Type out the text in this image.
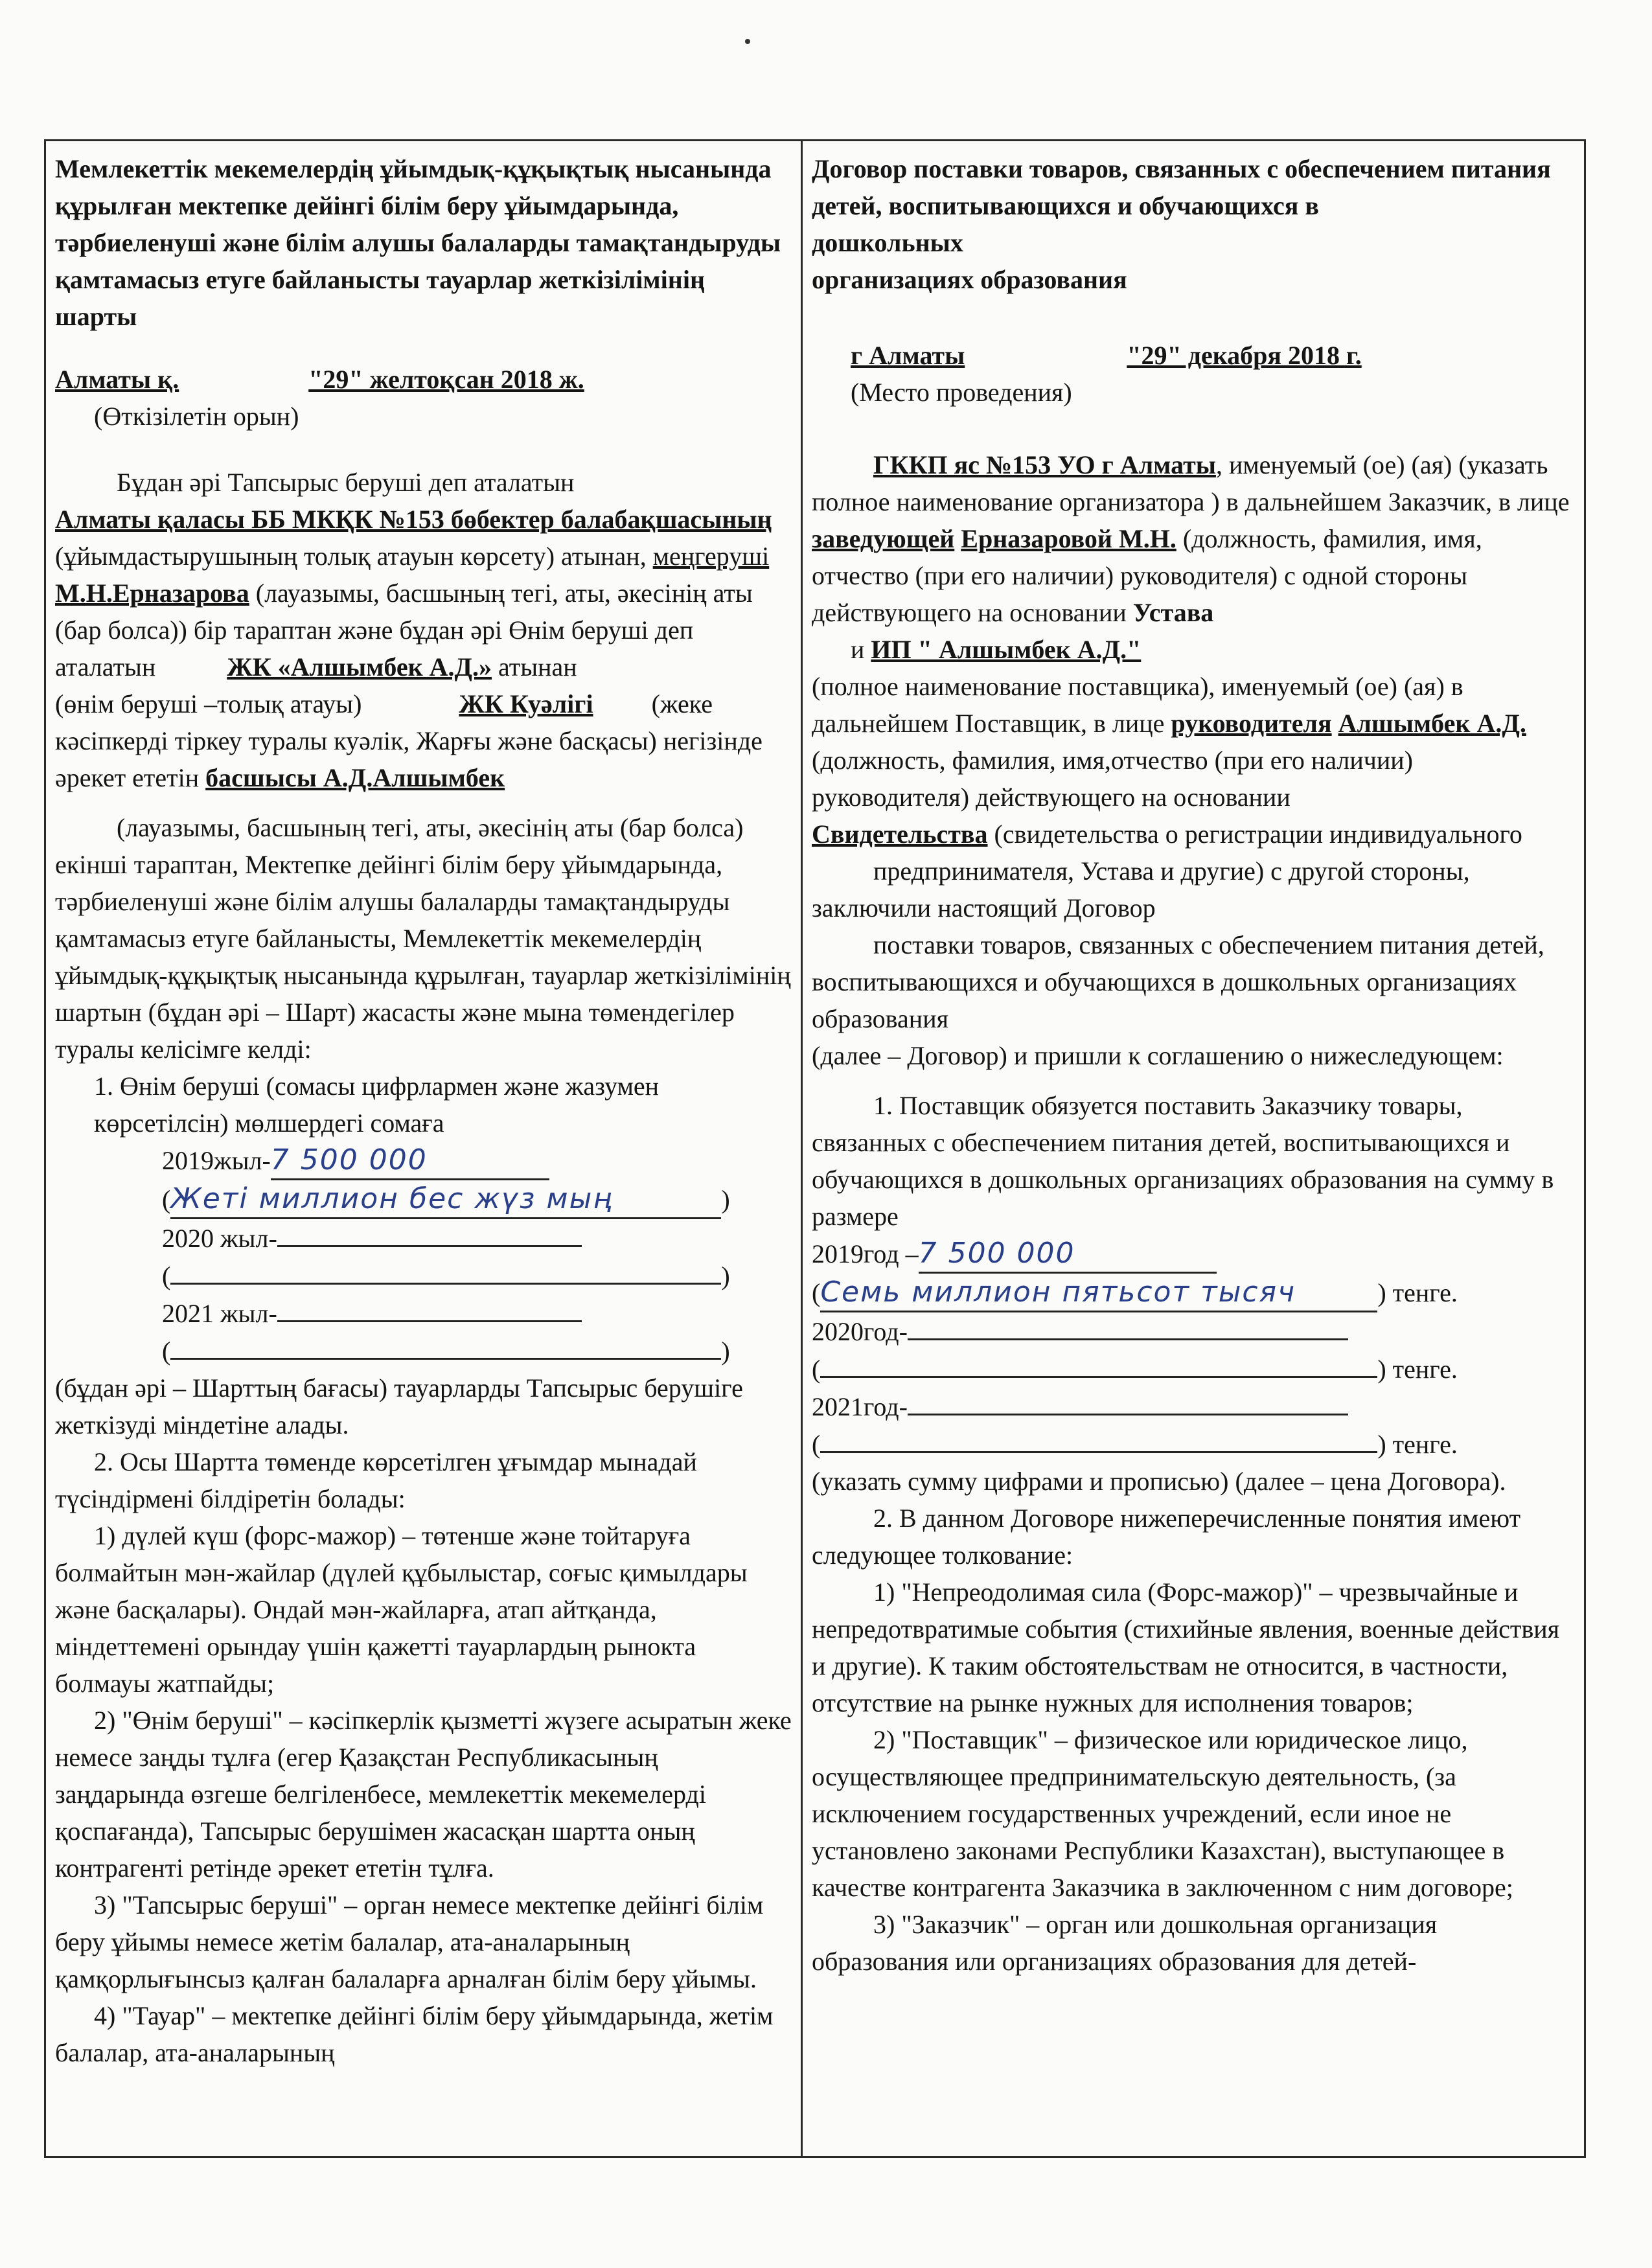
Мемлекеттік мекемелердің ұйымдық-құқықтық нысанында құрылған мектепке дейінгі білім беру ұйымдарында, тәрбиеленуші және білім алушы балаларды тамақтандыруды қамтамасыз етуге байланысты тауарлар жеткізілімінің шарты

Алматы қ.	"29" желтоқсан 2018 ж.

(Өткізілетін орын)

Бұдан әрі Тапсырыс беруші деп аталатын

Алматы қаласы ББ МКҚК №153 бөбектер балабақшасының (ұйымдастырушының толық атауын көрсету) атынан, меңгеруші М.Н.Ерназарова (лауазымы, басшының тегі, аты, әкесінің аты (бар болса)) бір тараптан және бұдан әрі Өнім беруші деп аталатын	ЖК «Алшымбек А.Д.» атынан

(өнім беруші –толық атауы)	ЖК Куәлігі (жеке кәсіпкерді тіркеу туралы куәлік, Жарғы және басқасы) негізінде әрекет ететін басшысы А.Д.Алшымбек

(лауазымы, басшының тегі, аты, әкесінің аты (бар болса) екінші тараптан, Мектепке дейінгі білім беру ұйымдарында, тәрбиеленуші және білім алушы балаларды тамақтандыруды қамтамасыз етуге байланысты, Мемлекеттік мекемелердің ұйымдық-құқықтық нысанында құрылған, тауарлар жеткізілімінің шартын (бұдан әрі – Шарт) жасасты және мына төмендегілер туралы келісімге келді:

1. Өнім беруші (сомасы цифрлармен және жазумен көрсетілсін) мөлшердегі сомаға

2019жыл-7 500 000

(Жеті миллион бес жүз мың	)

2020 жыл-

(	)

2021 жыл-

(	)

(бұдан әрі – Шарттың бағасы) тауарларды Тапсырыс берушіге жеткізуді міндетіне алады.

2. Осы Шартта төменде көрсетілген ұғымдар мынадай түсіндірмені білдіретін болады:

1) дүлей күш (форс-мажор) – төтенше және тойтаруға болмайтын мән-жайлар (дүлей құбылыстар, соғыс қимылдары және басқалары). Ондай мән-жайларға, атап айтқанда, міндеттемені орындау үшін қажетті тауарлардың рынокта болмауы жатпайды;

2) "Өнім беруші" – кәсіпкерлік қызметті жүзеге асыратын жеке немесе заңды тұлға (егер Қазақстан Республикасының заңдарында өзгеше белгіленбесе, мемлекеттік мекемелерді қоспағанда), Тапсырыс берушімен жасасқан шартта оның контрагенті ретінде әрекет ететін тұлға.

3) "Тапсырыс беруші" – орган немесе мектепке дейінгі білім беру ұйымы немесе жетім балалар, ата-аналарының қамқорлығынсыз қалған балаларға арналған білім беру ұйымы.

4) "Тауар" – мектепке дейінгі білім беру ұйымдарында, жетім балалар, ата-аналарының

Договор поставки товаров, связанных с обеспечением питания детей, воспитывающихся и обучающихся в

дошкольных

организациях образования

г Алматы	"29" декабря 2018 г.

(Место проведения)

ГККП яс №153 УО г Алматы, именуемый (ое) (ая) (указать полное наименование организатора ) в дальнейшем Заказчик, в лице заведующей Ерназаровой М.Н. (должность, фамилия, имя, отчество (при его наличии) руководителя) с одной стороны действующего на основании Устава

и ИП " Алшымбек А.Д."

(полное наименование поставщика), именуемый (ое) (ая) в дальнейшем Поставщик, в лице руководителя Алшымбек А.Д.

(должность, фамилия, имя,отчество (при его наличии) руководителя) действующего на основании

Свидетельства (свидетельства о регистрации индивидуального

предпринимателя, Устава и другие) с другой стороны, заключили настоящий Договор

поставки товаров, связанных с обеспечением питания детей, воспитывающихся и обучающихся в дошкольных организациях образования

(далее – Договор) и пришли к соглашению о нижеследующем:

1. Поставщик обязуется поставить Заказчику товары, связанных с обеспечением питания детей, воспитывающихся и обучающихся в дошкольных организациях образования на сумму в размере

2019год –7 500 000

(Семь миллион пятьсот тысяч	) тенге.

2020год-

(	) тенге.

2021год-

(	) тенге.

(указать сумму цифрами и прописью) (далее – цена Договора).

2. В данном Договоре нижеперечисленные понятия имеют следующее толкование:

1) "Непреодолимая сила (Форс-мажор)" – чрезвычайные и непредотвратимые события (стихийные явления, военные действия и другие). К таким обстоятельствам не относится, в частности,

отсутствие на рынке нужных для исполнения товаров;

2) "Поставщик" – физическое или юридическое лицо, осуществляющее предпринимательскую деятельность, (за исключением государственных учреждений, если иное не установлено законами Республики Казахстан), выступающее в качестве контрагента Заказчика в заключенном с ним договоре;

3) "Заказчик" – орган или дошкольная организация образования или организациях образования для детей-
